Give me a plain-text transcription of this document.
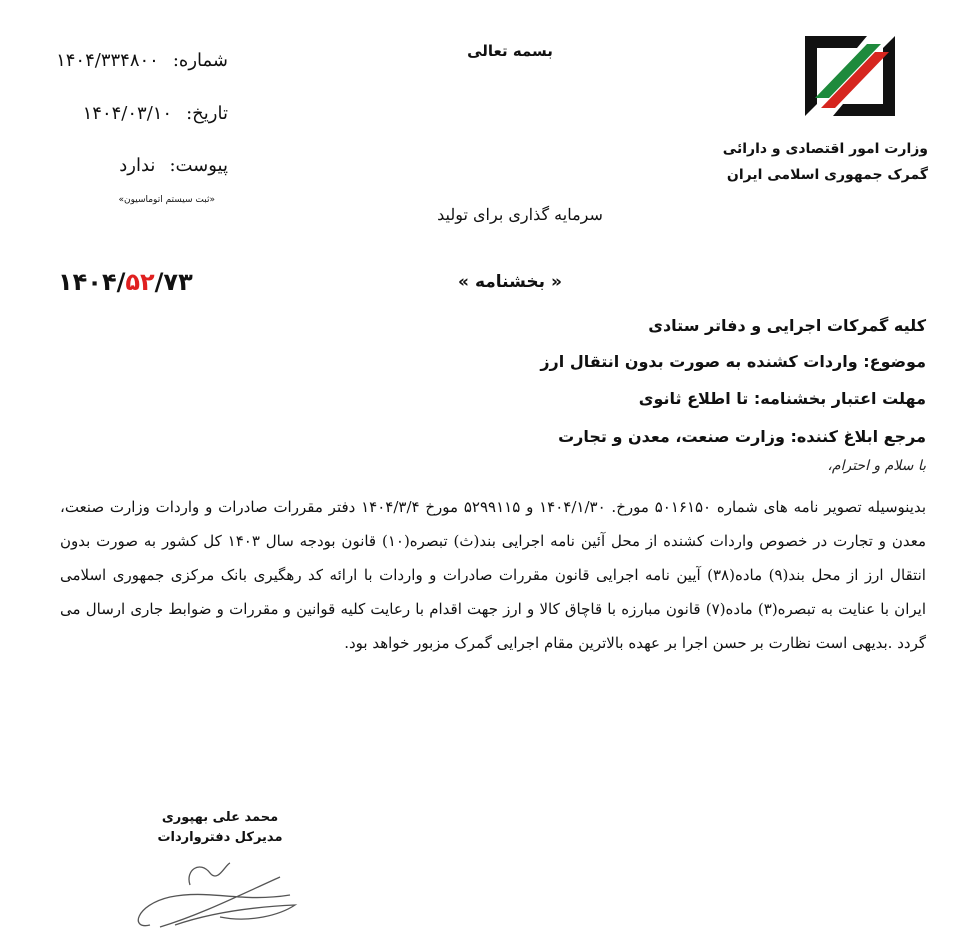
وزارت امور اقتصادی و دارائی
گمرک جمهوری اسلامی ایران
بسمه تعالی
سرمایه گذاری برای تولید
« بخشنامه »
شماره:۱۴۰۴/۳۳۴۸۰۰
تاریخ:۱۴۰۴/۰۳/۱۰
پیوست:ندارد
«ثبت سیستم اتوماسیون»
۱۴۰۴/۵۲/۷۳
کلیه گمرکات اجرایی و دفاتر ستادی
موضوع: واردات کشنده به صورت بدون انتقال ارز
مهلت اعتبار بخشنامه: تا اطلاع ثانوی
مرجع ابلاغ کننده: وزارت صنعت، معدن و تجارت
با سلام و احترام،
بدینوسیله تصویر نامه های شماره ۵۰۱۶۱۵۰ مورخ. ۱۴۰۴/۱/۳۰ و ۵۲۹۹۱۱۵ مورخ ۱۴۰۴/۳/۴ دفتر مقررات صادرات و واردات وزارت صنعت، معدن و تجارت در خصوص واردات کشنده از محل آئین نامه اجرایی بند(ث) تبصره(۱۰) قانون بودجه سال ۱۴۰۳ کل کشور به صورت بدون انتقال ارز از محل بند(۹) ماده(۳۸) آیین نامه اجرایی قانون مقررات صادرات و واردات با ارائه کد رهگیری بانک مرکزی جمهوری اسلامی ایران با عنایت به تبصره(۳) ماده(۷) قانون مبارزه با قاچاق کالا و ارز جهت اقدام با رعایت کلیه قوانین و مقررات و ضوابط جاری ارسال می گردد .بدیهی است نظارت بر حسن اجرا بر عهده بالاترین مقام اجرایی گمرک مزبور خواهد بود.
محمد علی بهپوری
مدیرکل دفترواردات
